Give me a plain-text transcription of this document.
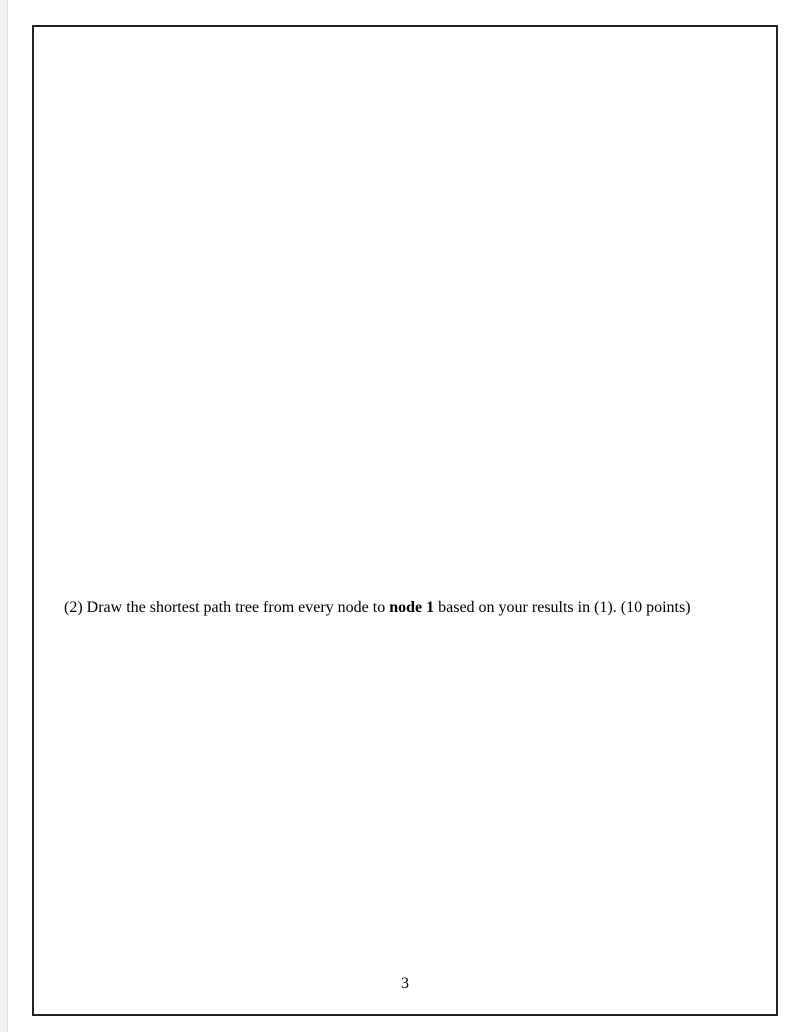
(2) Draw the shortest path tree from every node to node 1 based on your results in (1). (10 points)

3
